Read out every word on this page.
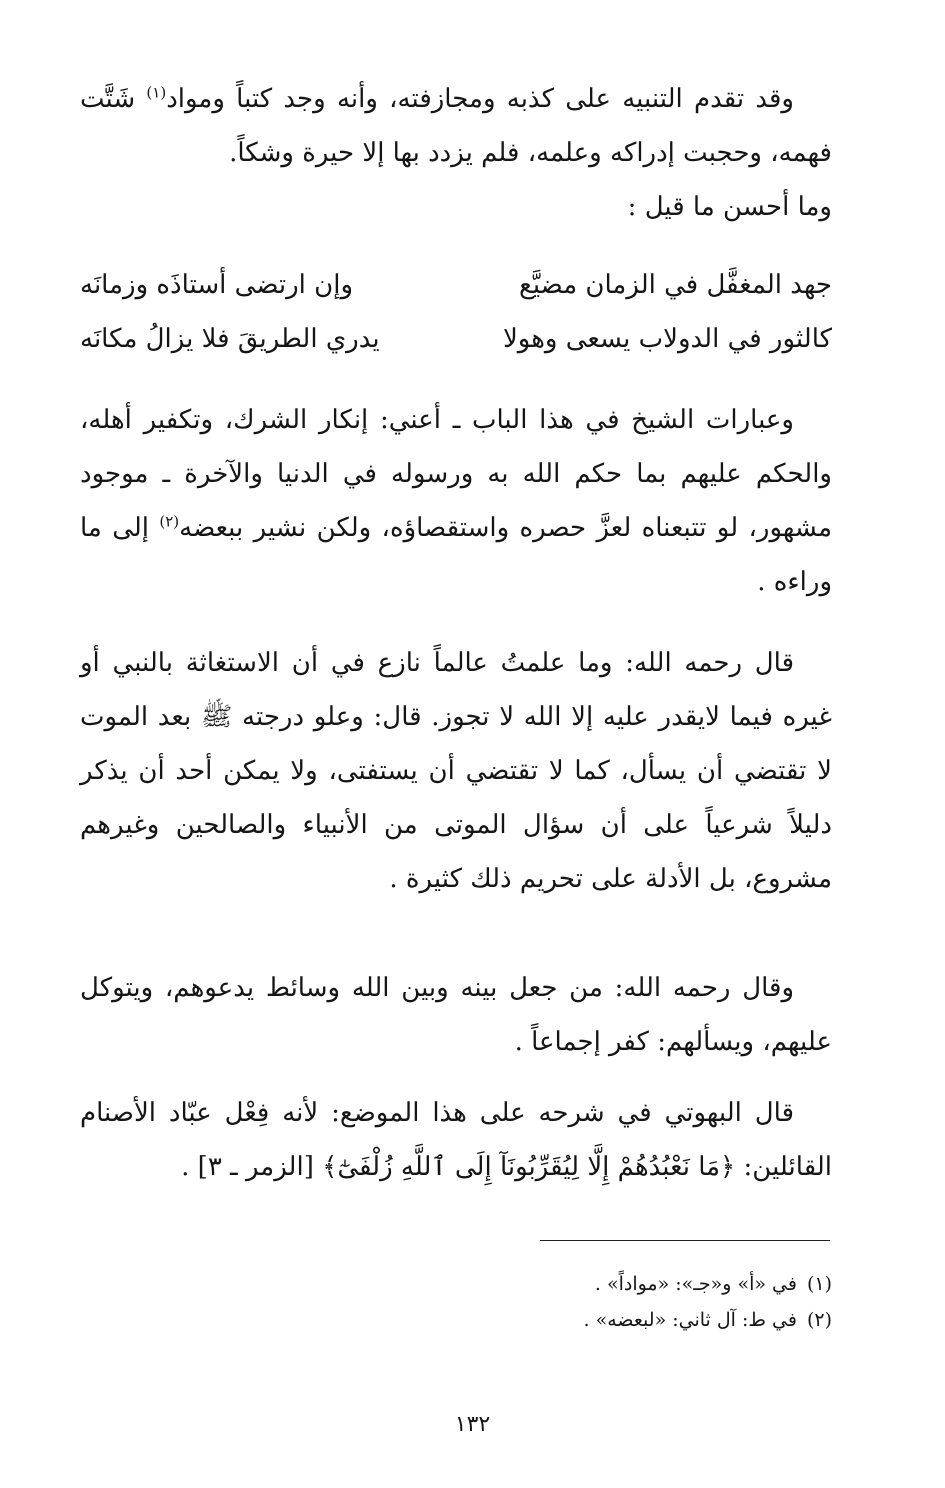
وقد تقدم التنبيه على كذبه ومجازفته، وأنه وجد كتباً ومواد$^{(١)}$ شَتَّت فهمه، وحجبت إدراكه وعلمه، فلم يزدد بها إلا حيرة وشكاً.

وما أحسن ما قيل :

جهد المغفَّل في الزمان مضيَّع
وإن ارتضى أستاذَه وزمانَه
كالثور في الدولاب يسعى وهولا
يدري الطريقَ فلا يزالُ مكانَه

وعبارات الشيخ في هذا الباب ـ أعني: إنكار الشرك، وتكفير أهله، والحكم عليهم بما حكم الله به ورسوله في الدنيا والآخرة ـ موجود مشهور، لو تتبعناه لعزَّ حصره واستقصاؤه، ولكن نشير ببعضه$^{(٢)}$ إلى ما وراءه .

قال رحمه الله: وما علمتُ عالماً نازع في أن الاستغاثة بالنبي أو غيره فيما لايقدر عليه إلا الله لا تجوز. قال: وعلو درجته ﷺ بعد الموت لا تقتضي أن يسأل، كما لا تقتضي أن يستفتى، ولا يمكن أحد أن يذكر دليلاً شرعياً على أن سؤال الموتى من الأنبياء والصالحين وغيرهم مشروع، بل الأدلة على تحريم ذلك كثيرة .

وقال رحمه الله: من جعل بينه وبين الله وسائط يدعوهم، ويتوكل عليهم، ويسألهم: كفر إجماعاً .

قال البهوتي في شرحه على هذا الموضع: لأنه فِعْل عبّاد الأصنام القائلين: ﴿مَا نَعْبُدُهُمْ إِلَّا لِيُقَرِّبُونَآ إِلَى ٱللَّهِ زُلْفَىٰٓ﴾ [الزمر ـ ٣] .

(١)في «أ» و«جـ»: «مواداً» .

(٢)في ط: آل ثاني: «لبعضه» .

١٣٢
